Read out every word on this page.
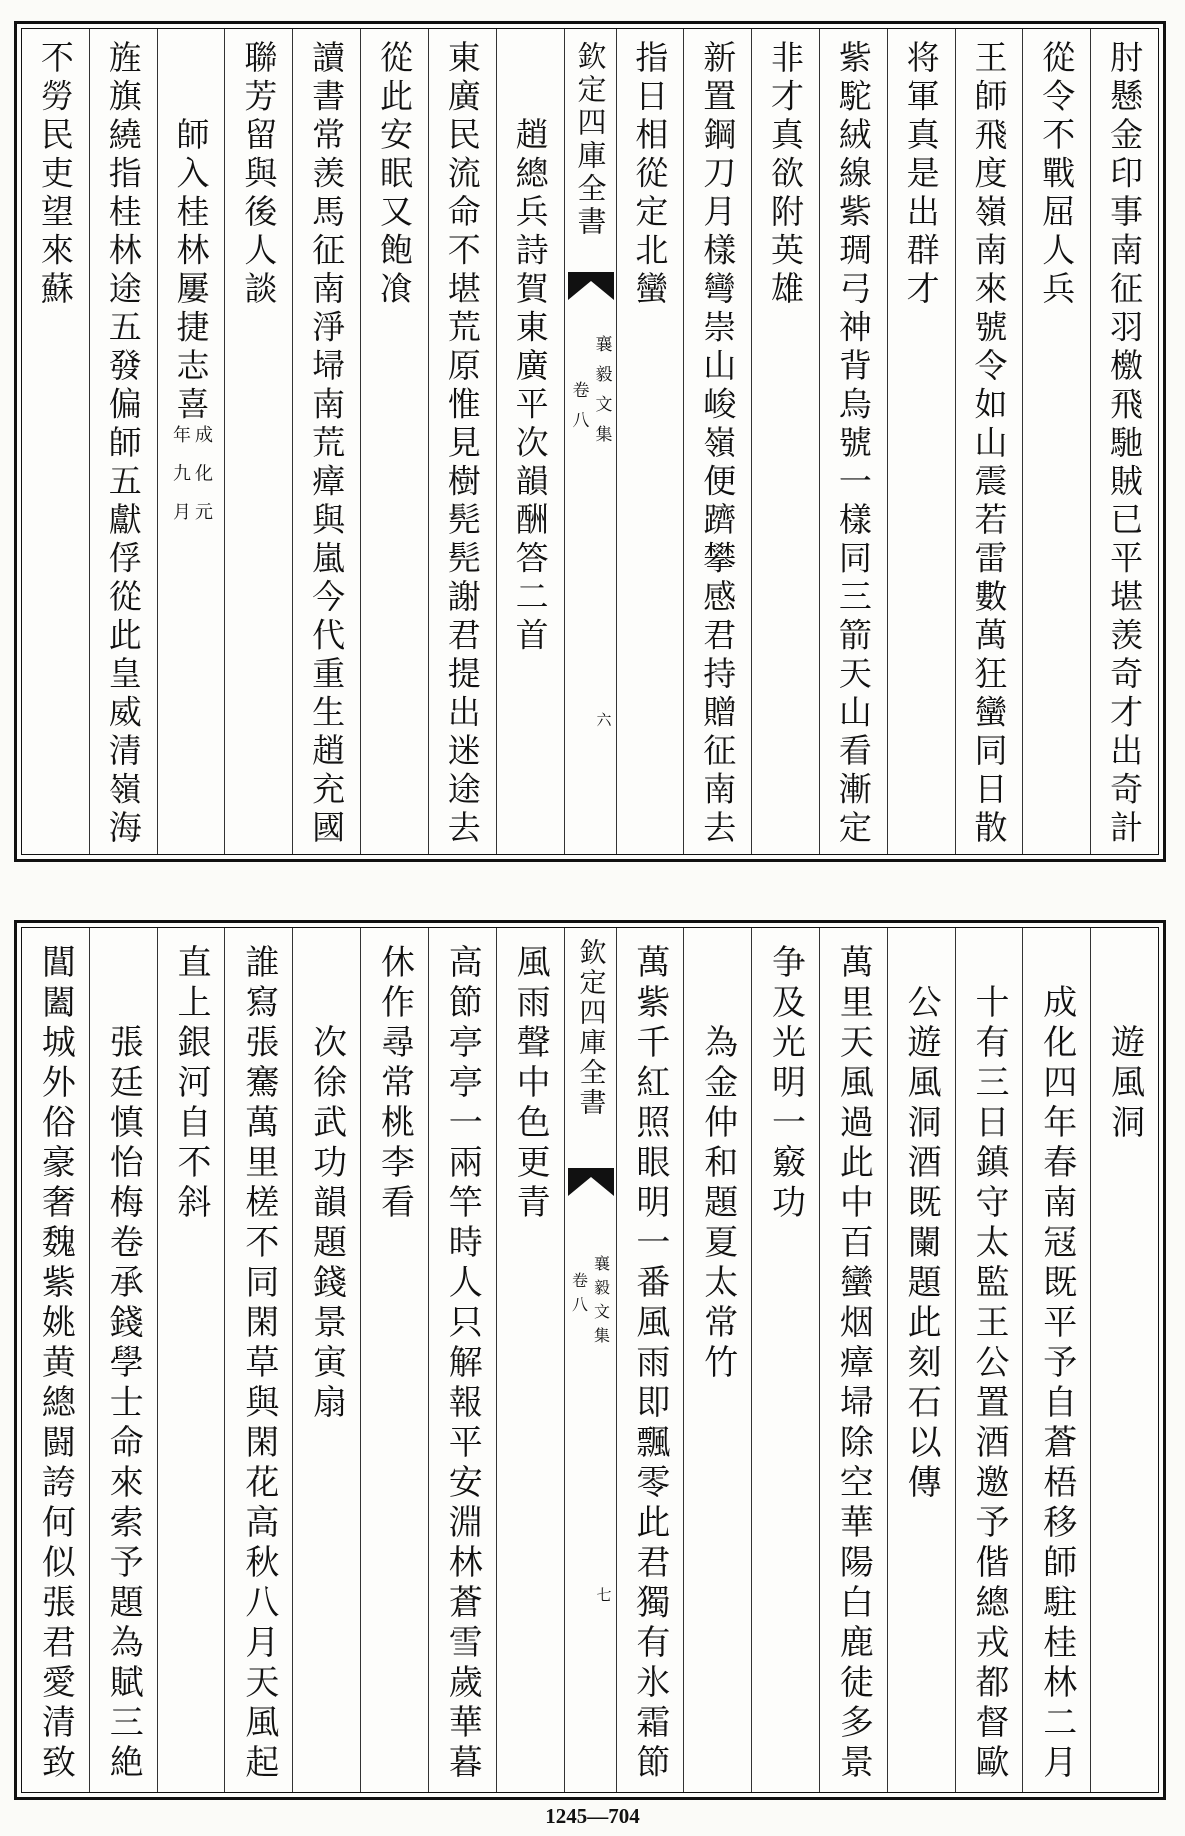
肘懸金印事南征羽檄飛馳賊已平堪羡奇才出奇計
從令不戰屈人兵
王師飛度嶺南來號令如山震若雷數萬狂蠻同日散
将軍真是出群才
紫駝絨線紫琱弓神背烏號一樣同三箭天山看漸定
非才真欲附英雄
新置鋼刀月樣彎崇山峻嶺便躋攀感君持贈征南去
指日相從定北蠻
欽定四庫全書
襄毅文集
卷八
六
趙總兵詩賀東廣平次韻酬答二首
東廣民流命不堪荒原惟見樹髡髡謝君提出迷途去
從此安眠又飽飡
讀書常羡馬征南淨埽南荒瘴與嵐今代重生趙充國
聯芳留與後人談
師入桂林屢捷志喜
成化元
年九月
旌旗繞指桂林途五發偏師五獻俘從此皇威清嶺海
不勞民吏望來蘇
遊風洞
成化四年春南冦既平予自蒼梧移師駐桂林二月
十有三日鎮守太監王公置酒邀予偕總戎都督歐
公遊風洞酒既闌題此刻石以傳
萬里天風過此中百蠻烟瘴埽除空華陽白鹿徒多景
争及光明一竅功
為金仲和題夏太常竹
萬紫千紅照眼明一番風雨即飄零此君獨有氷霜節
欽定四庫全書
襄毅文集
卷八
七
風雨聲中色更青
高節亭亭一兩竿時人只解報平安淵林蒼雪歲華暮
休作尋常桃李看
次徐武功韻題錢景寅扇
誰寫張騫萬里槎不同閑草與閑花高秋八月天風起
直上銀河自不斜
張廷慎怡梅卷承錢學士命來索予題為賦三絶
閶闔城外俗豪奢魏紫姚黄總闘誇何似張君愛清致
1245—704
